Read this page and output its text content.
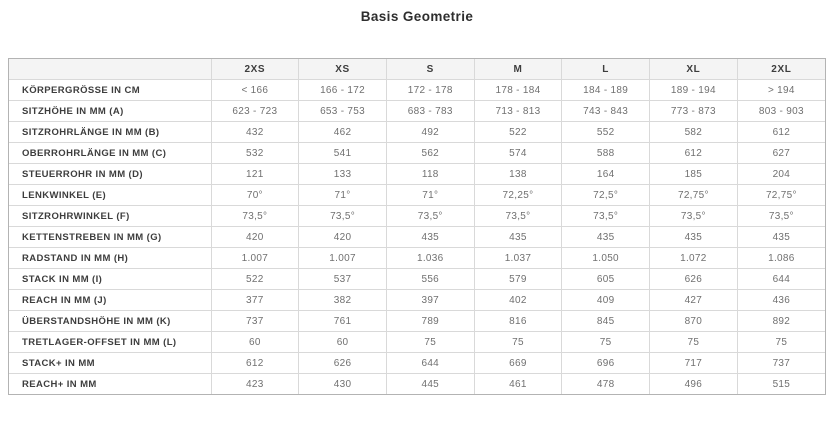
Basis Geometrie
	2XS	XS	S	M	L	XL	2XL
KÖRPERGRÖSSE IN CM	< 166	166 - 172	172 - 178	178 - 184	184 - 189	189 - 194	> 194
SITZHÖHE IN MM (A)	623 - 723	653 - 753	683 - 783	713 - 813	743 - 843	773 - 873	803 - 903
SITZROHRLÄNGE IN MM (B)	432	462	492	522	552	582	612
OBERROHRLÄNGE IN MM (C)	532	541	562	574	588	612	627
STEUERROHR IN MM (D)	121	133	118	138	164	185	204
LENKWINKEL (E)	70°	71°	71°	72,25°	72,5°	72,75°	72,75°
SITZROHRWINKEL (F)	73,5°	73,5°	73,5°	73,5°	73,5°	73,5°	73,5°
KETTENSTREBEN IN MM (G)	420	420	435	435	435	435	435
RADSTAND IN MM (H)	1.007	1.007	1.036	1.037	1.050	1.072	1.086
STACK IN MM (I)	522	537	556	579	605	626	644
REACH IN MM (J)	377	382	397	402	409	427	436
ÜBERSTANDSHÖHE IN MM (K)	737	761	789	816	845	870	892
TRETLAGER-OFFSET IN MM (L)	60	60	75	75	75	75	75
STACK+ IN MM	612	626	644	669	696	717	737
REACH+ IN MM	423	430	445	461	478	496	515
